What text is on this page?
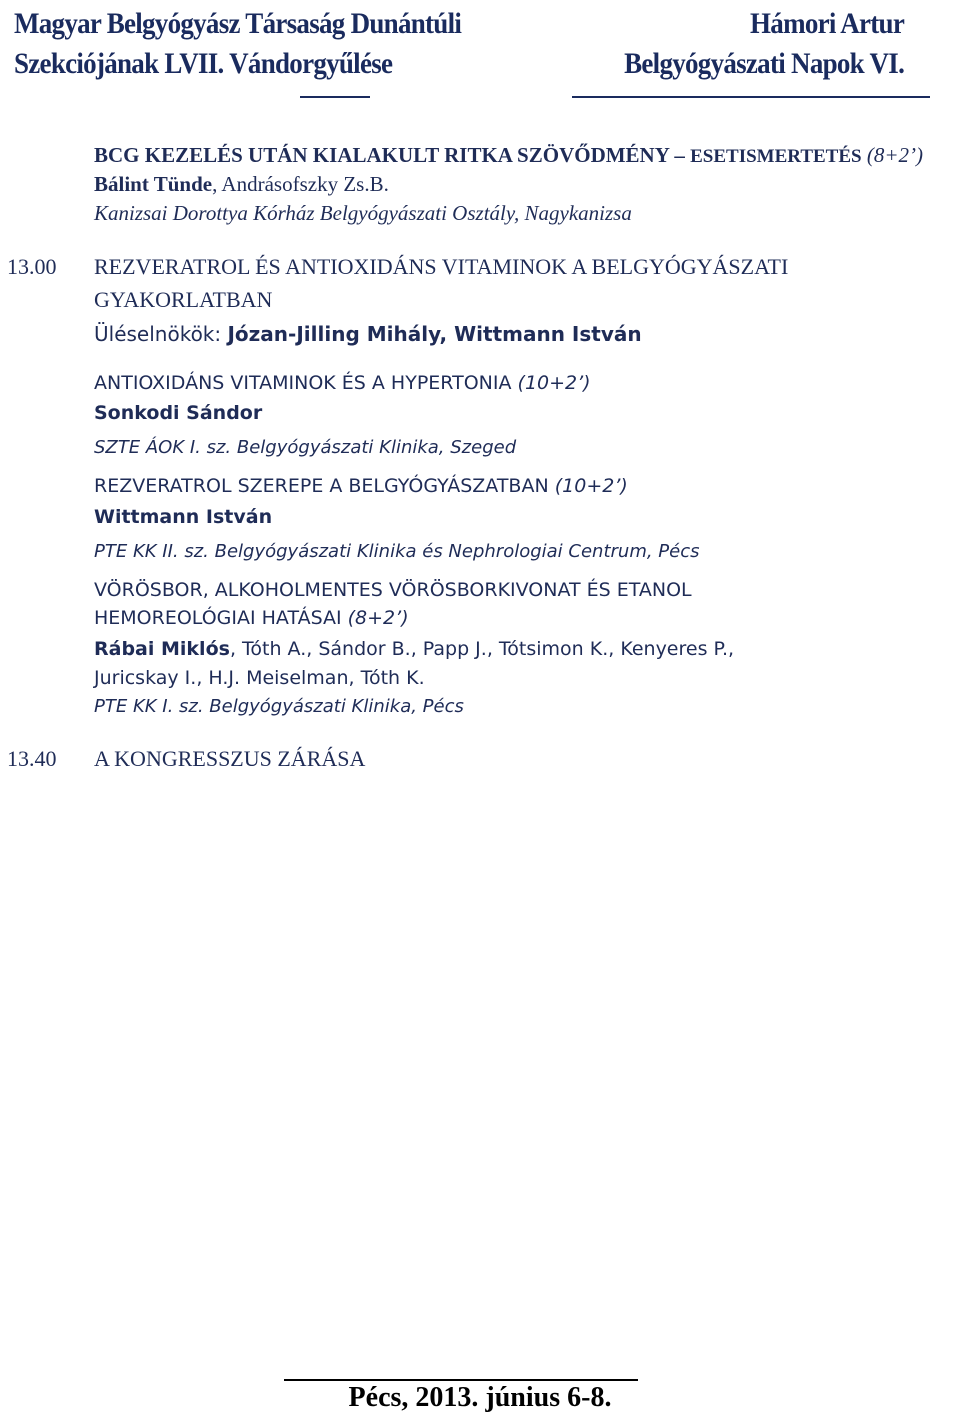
Magyar Belgyógyász Társaság Dunántúli
Szekciójának LVII. Vándorgyűlése
Hámori Artur
Belgyógyászati Napok VI.
BCG KEZELÉS UTÁN KIALAKULT RITKA SZÖVŐDMÉNY – ESETISMERTETÉS (8+2’)
Bálint Tünde, Andrásofszky Zs.B.
Kanizsai Dorottya Kórház Belgyógyászati Osztály, Nagykanizsa
13.00 REZVERATROL ÉS ANTIOXIDÁNS VITAMINOK A BELGYÓGYÁSZATI
GYAKORLATBAN
Üléselnökök: Józan-Jilling Mihály, Wittmann István
ANTIOXIDÁNS VITAMINOK ÉS A HYPERTONIA (10+2’)
Sonkodi Sándor
SZTE ÁOK I. sz. Belgyógyászati Klinika, Szeged
REZVERATROL SZEREPE A BELGYÓGYÁSZATBAN (10+2’)
Wittmann István
PTE KK II. sz. Belgyógyászati Klinika és Nephrologiai Centrum, Pécs
VÖRÖSBOR, ALKOHOLMENTES VÖRÖSBORKIVONAT ÉS ETANOL
HEMOREOLÓGIAI HATÁSAI (8+2’)
Rábai Miklós, Tóth A., Sándor B., Papp J., Tótsimon K., Kenyeres P.,
Juricskay I., H.J. Meiselman, Tóth K.
PTE KK I. sz. Belgyógyászati Klinika, Pécs
13.40 A KONGRESSZUS ZÁRÁSA
Pécs, 2013. június 6-8.
